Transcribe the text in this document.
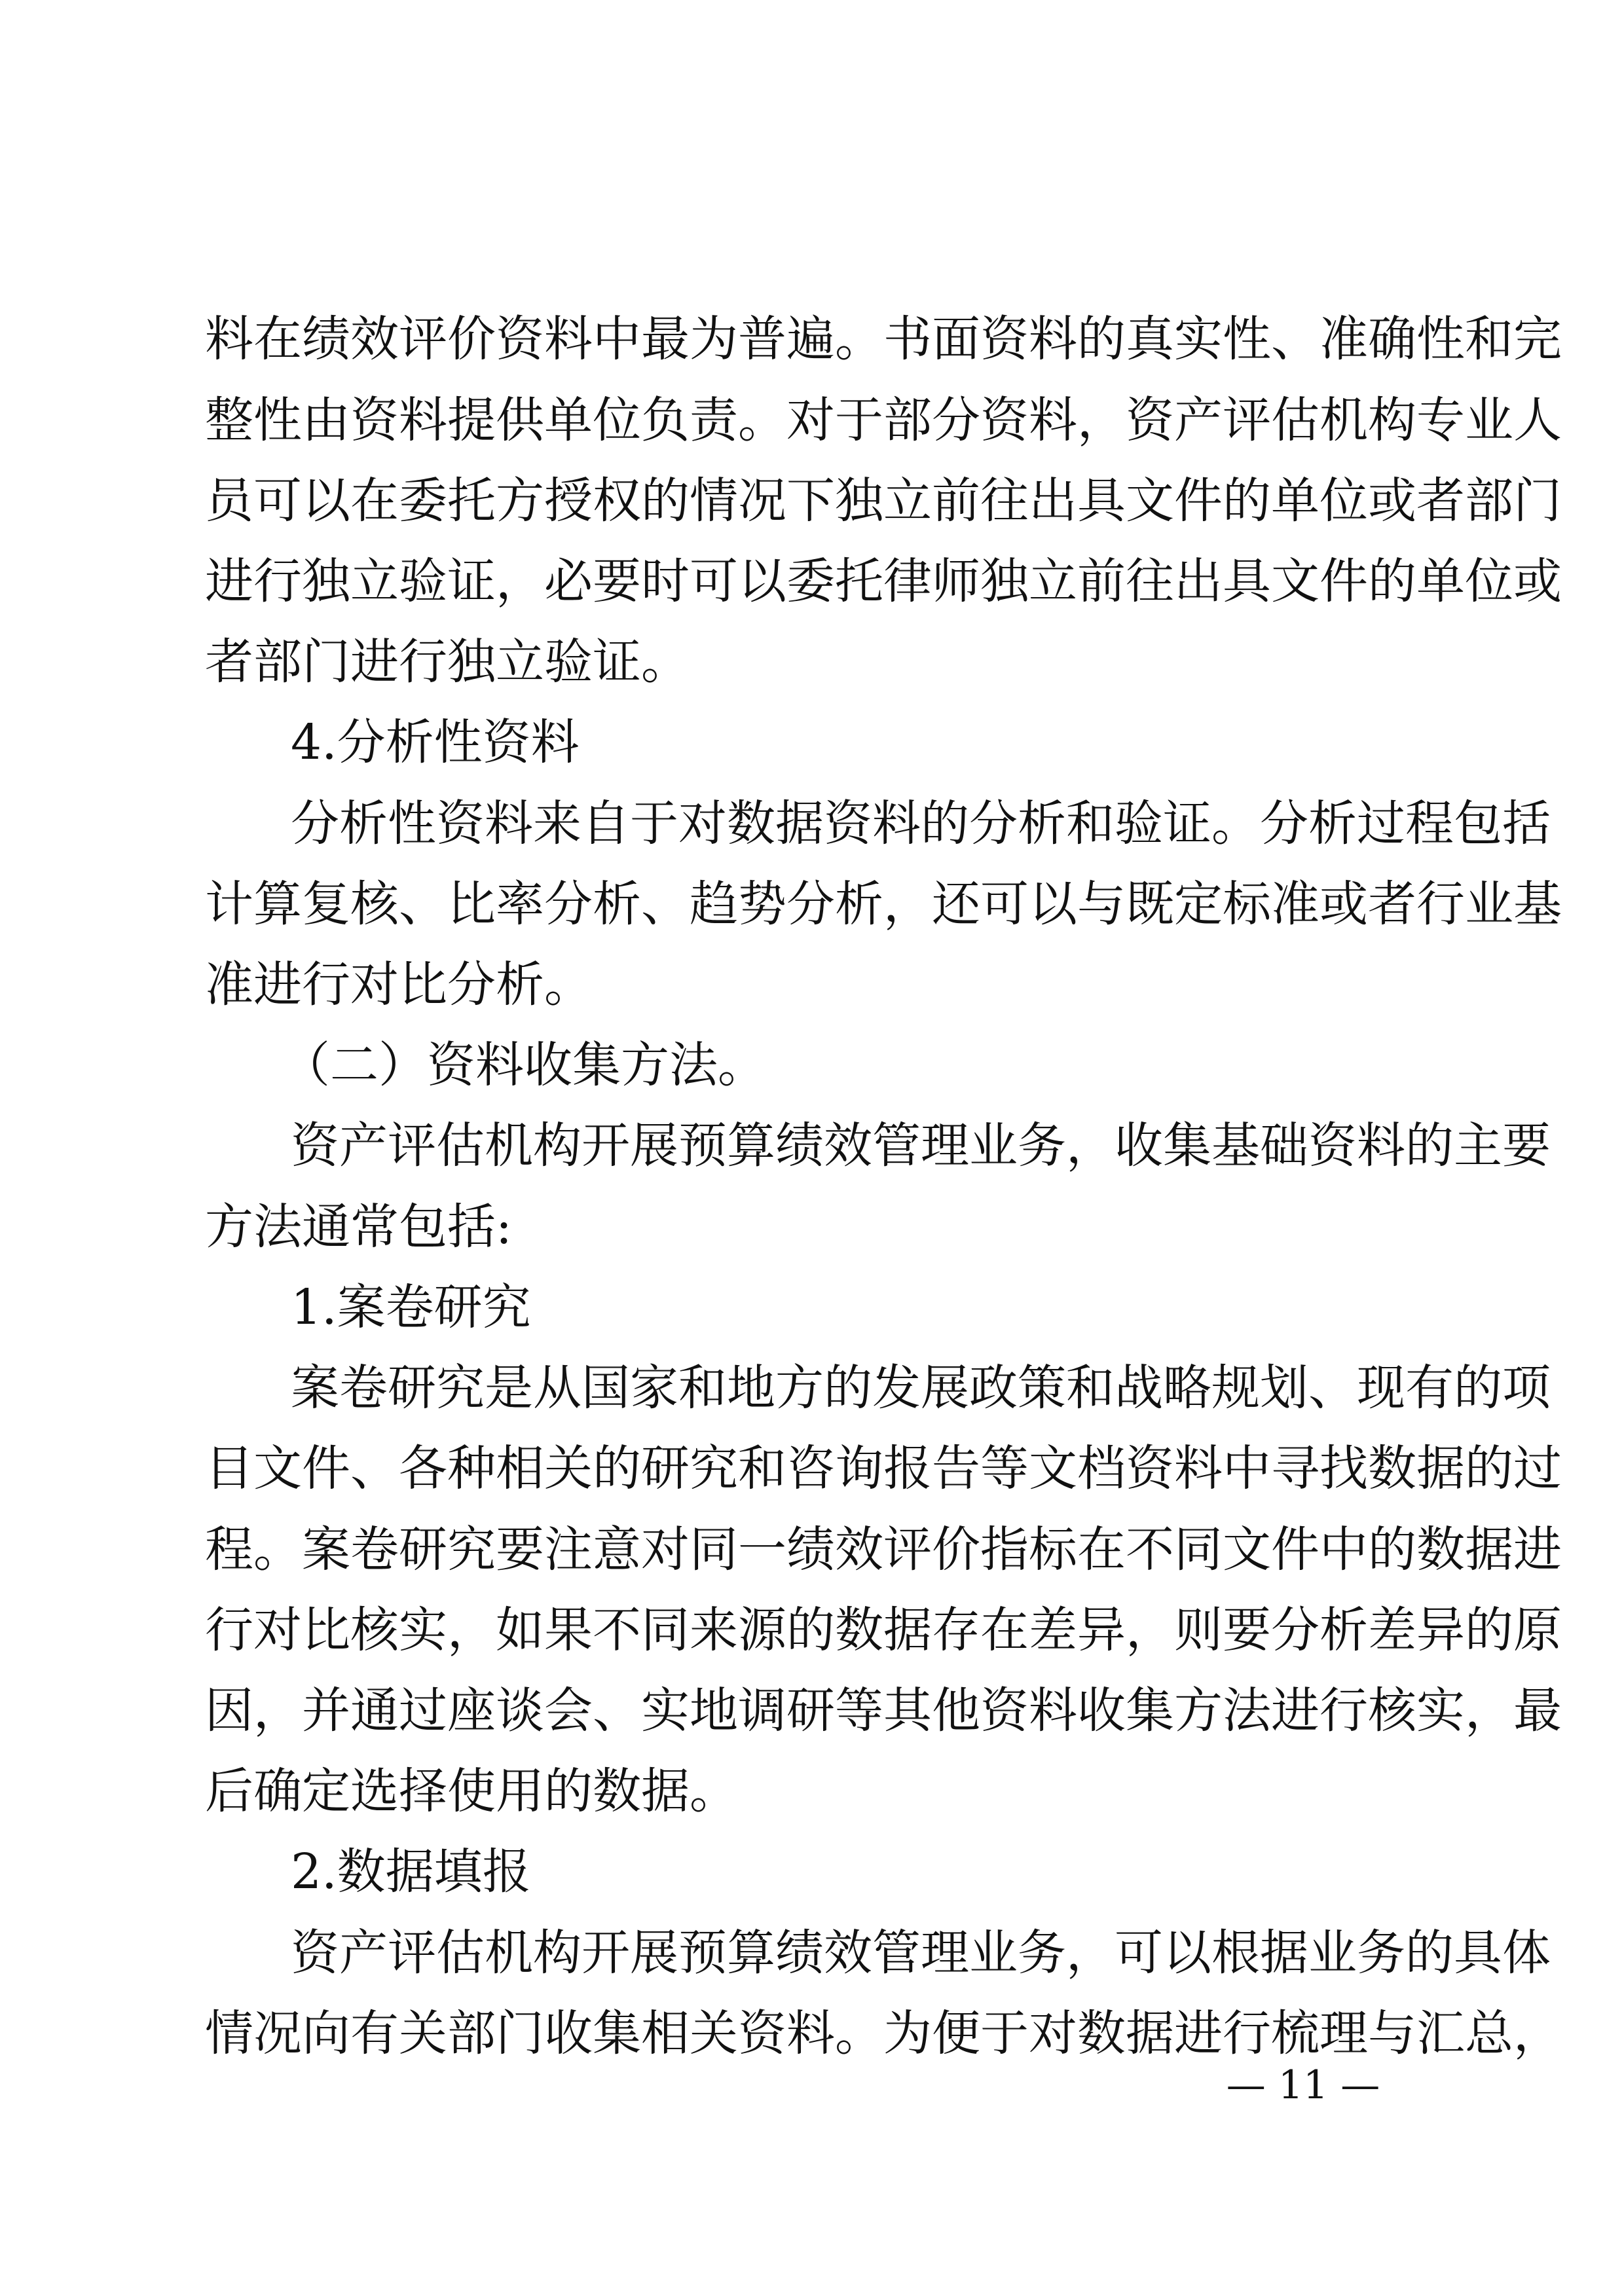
料在绩效评价资料中最为普遍。书面资料的真实性、准确性和完
整性由资料提供单位负责。对于部分资料，资产评估机构专业人
员可以在委托方授权的情况下独立前往出具文件的单位或者部门
进行独立验证，必要时可以委托律师独立前往出具文件的单位或
者部门进行独立验证。
4.分析性资料
分析性资料来自于对数据资料的分析和验证。分析过程包括
计算复核、比率分析、趋势分析，还可以与既定标准或者行业基
准进行对比分析。
（二）资料收集方法。
资产评估机构开展预算绩效管理业务，收集基础资料的主要
方法通常包括:
1.案卷研究
案卷研究是从国家和地方的发展政策和战略规划、现有的项
目文件、各种相关的研究和咨询报告等文档资料中寻找数据的过
程。案卷研究要注意对同一绩效评价指标在不同文件中的数据进
行对比核实，如果不同来源的数据存在差异，则要分析差异的原
因，并通过座谈会、实地调研等其他资料收集方法进行核实，最
后确定选择使用的数据。
2.数据填报
资产评估机构开展预算绩效管理业务，可以根据业务的具体
情况向有关部门收集相关资料。为便于对数据进行梳理与汇总，
— 11 —
